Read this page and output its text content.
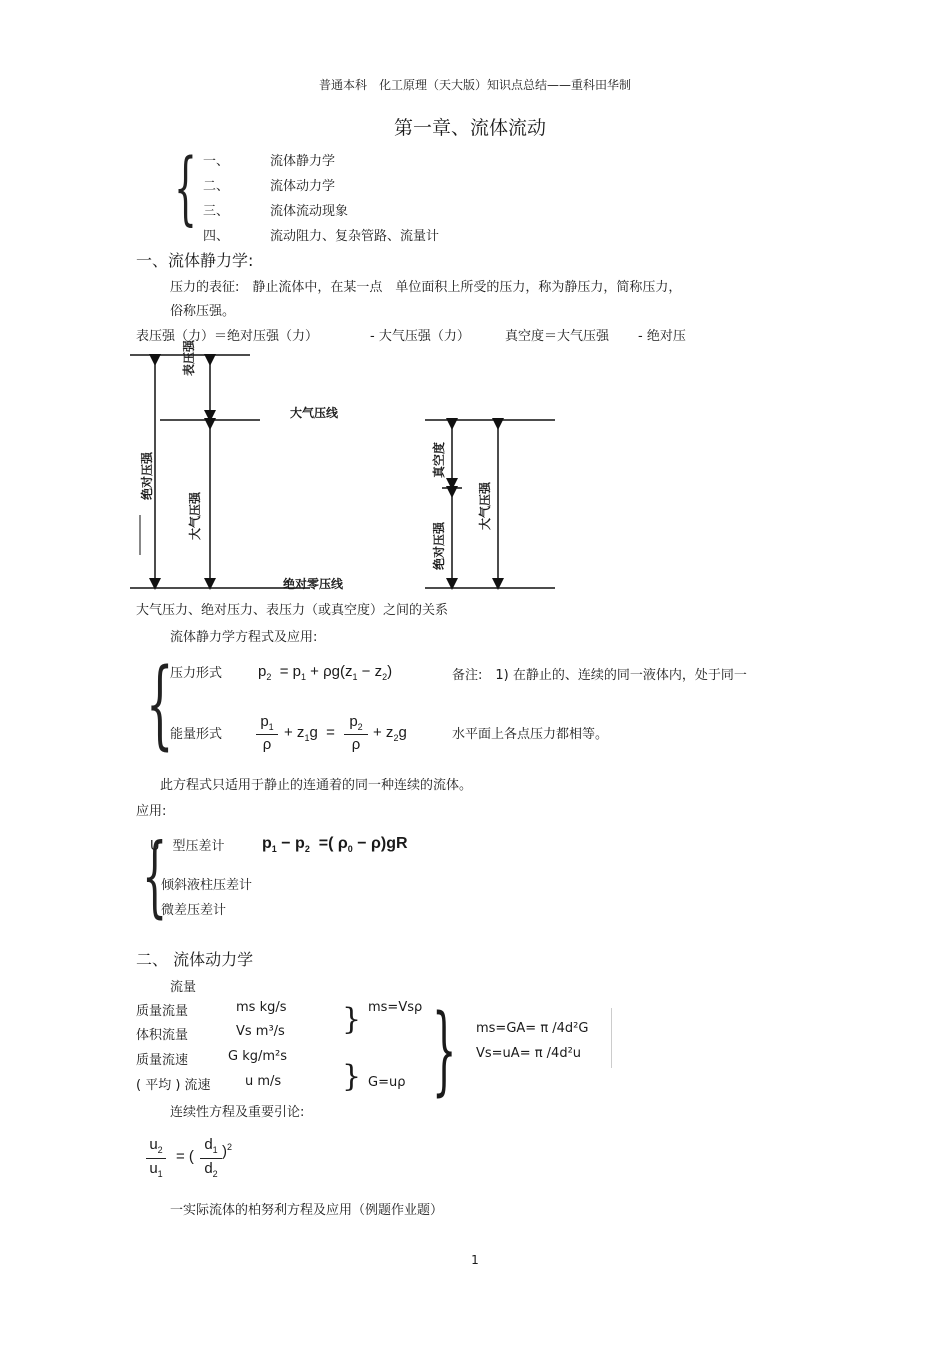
普通本科　化工原理（天大版）知识点总结——重科田华制
第一章、流体流动
{ 一、	流体静力学
二、	流体动力学
三、	流体流动现象
四、	流动阻力、复杂管路、流量计
一、流体静力学:
压力的表征:　静止流体中，在某一点　单位面积上所受的压力，称为静压力，简称压力，
俗称压强。
表压强（力）＝绝对压强（力）	- 大气压强（力）	真空度＝大气压强 - 绝对压
表压强
绝对压强
大气压强
大气压线
绝对零压线
真空度
绝对压强
大气压强
大气压力、绝对压力、表压力（或真空度）之间的关系
流体静力学方程式及应用:
{
压力形式
能量形式
$p_2 = p_1 + \rho g(z_1 - z_2)$
$p_1$
ρ
+ $z_1g$  =
$p_2$
ρ
+ $z_2g$
备注:　1) 在静止的、连续的同一液体内，处于同一
水平面上各点压力都相等。
此方程式只适用于静止的连通着的同一种连续的流体。
应用:
{
U　型压差计 $p_1 - p_2$  =( $\rho_0 - \rho)gR$
倾斜液柱压差计
微差压差计
二、 流体动力学
流量
质量流量	ms kg/s
体积流量	Vs m³/s
质量流速	G kg/m²s
( 平均 ) 流速	u m/s
}
}
ms=Vsρ
G=uρ } ms=GA= π /4d²G
Vs=uA= π /4d²u
连续性方程及重要引论:
$u_2$
$u_1$
= (
$d_1$
$d_2$
)$^2$
一实际流体的柏努利方程及应用（例题作业题）
1
